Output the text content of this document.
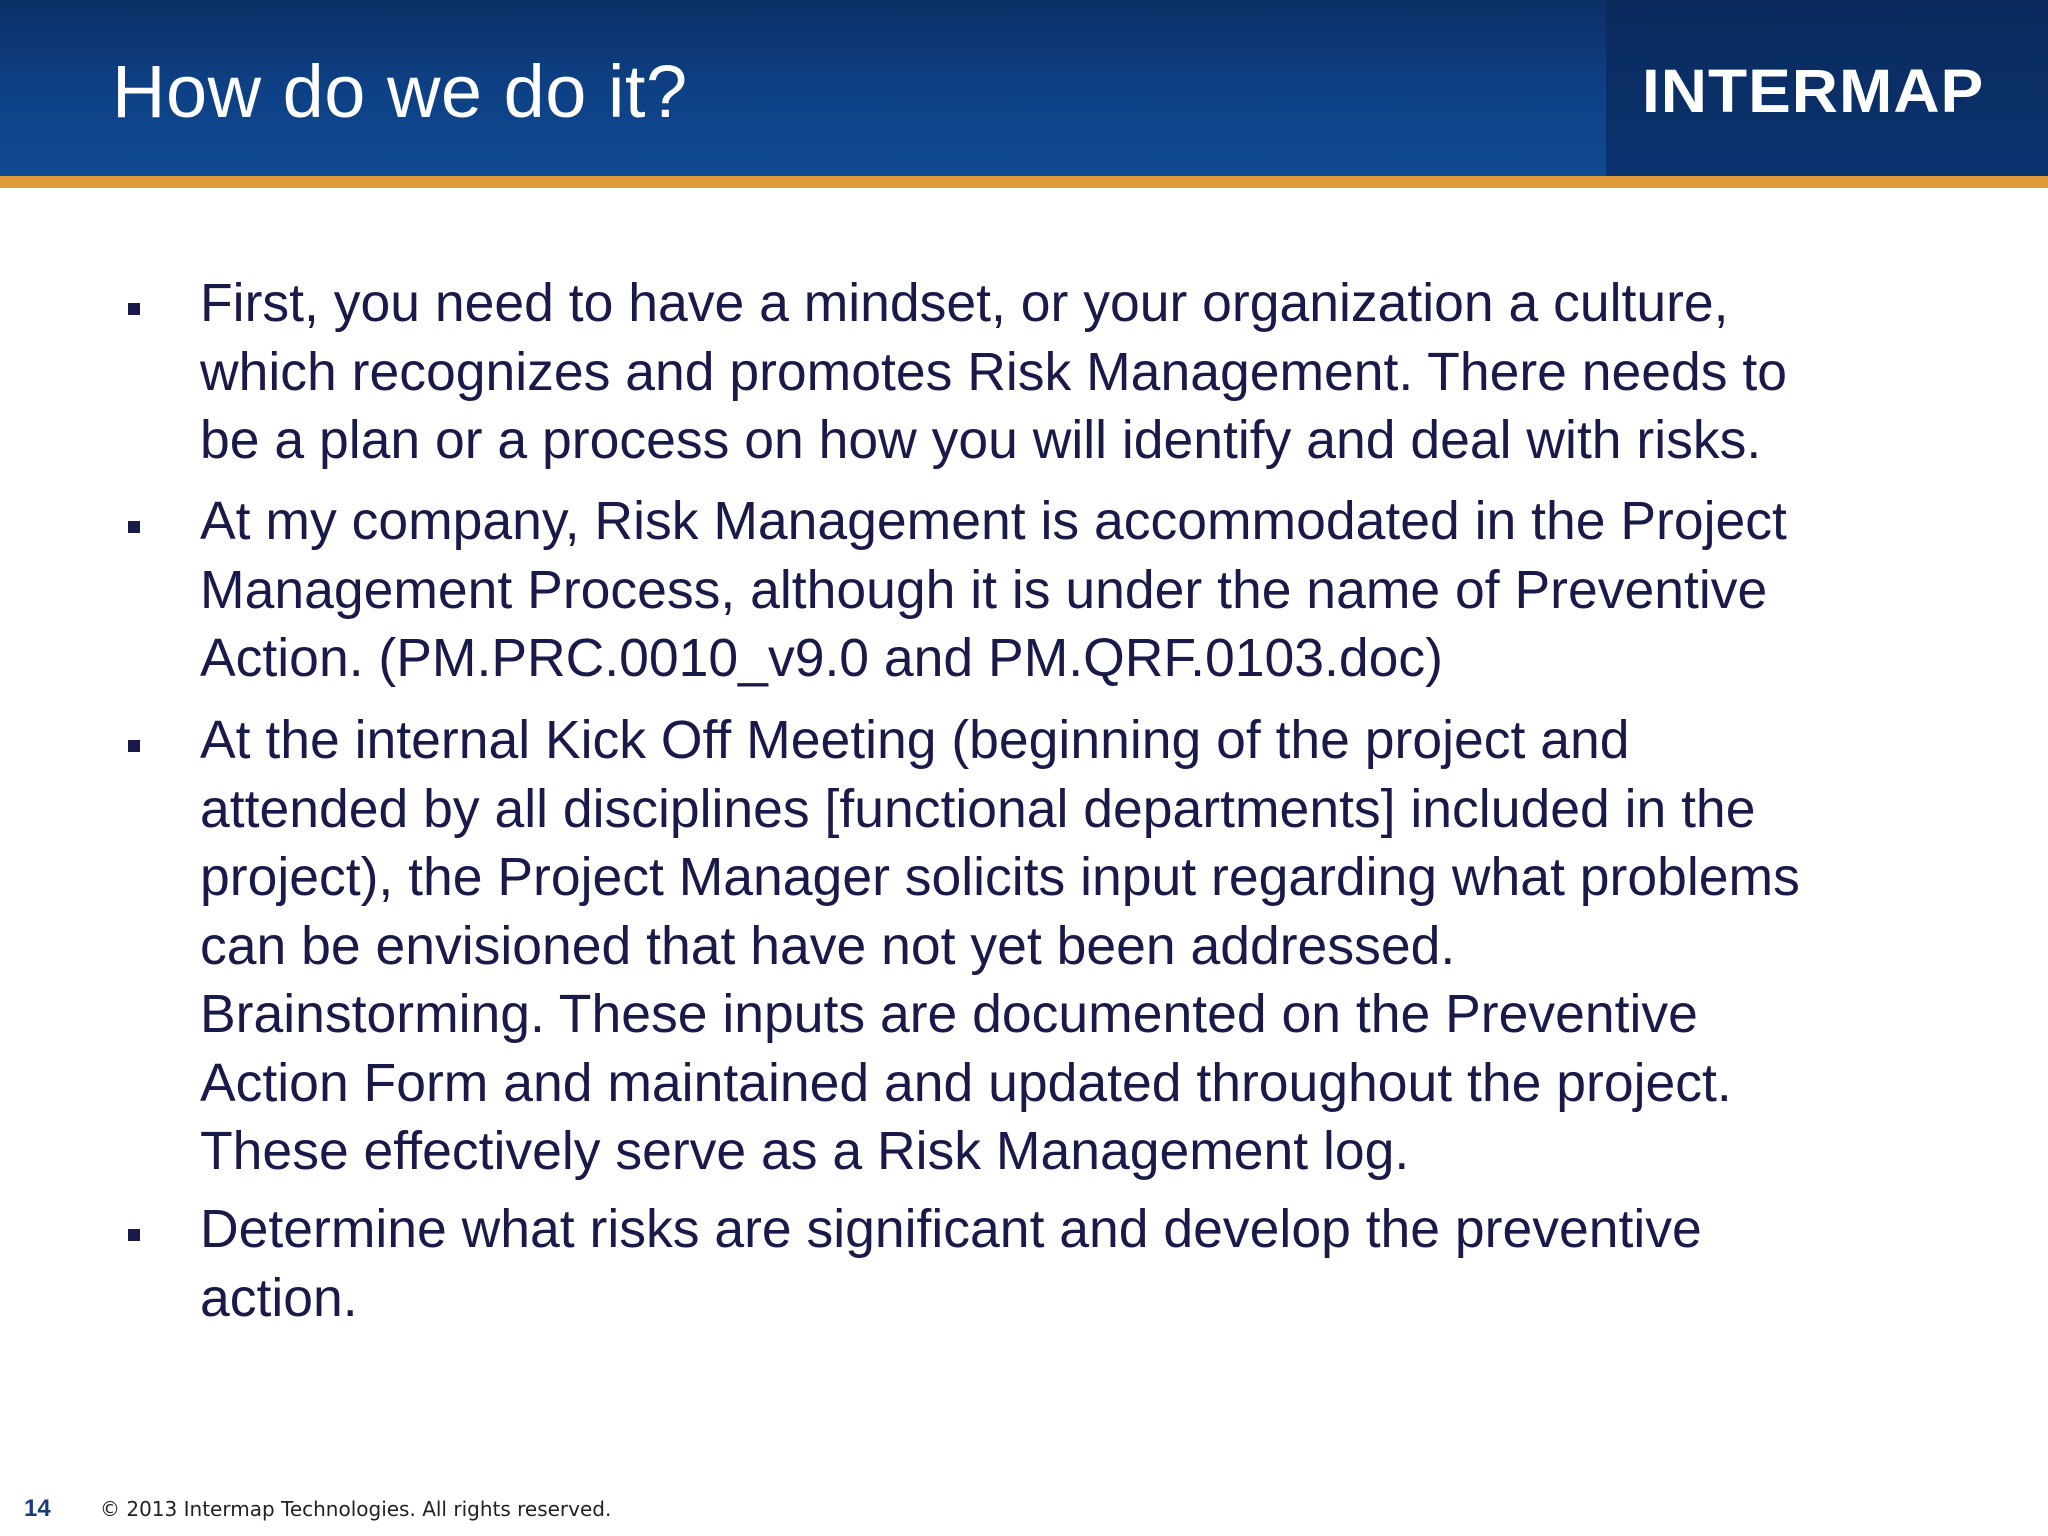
How do we do it?	INTERMAP

First, you need to have a mindset, or your organization a culture,
which recognizes and promotes Risk Management. There needs to
be a plan or a process on how you will identify and deal with risks.

At my company, Risk Management is accommodated in the Project
Management Process, although it is under the name of Preventive
Action. (PM.PRC.0010_v9.0 and PM.QRF.0103.doc)

At the internal Kick Off Meeting (beginning of the project and
attended by all disciplines [functional departments] included in the
project), the Project Manager solicits input regarding what problems
can be envisioned that have not yet been addressed.
Brainstorming. These inputs are documented on the Preventive
Action Form and maintained and updated throughout the project.
These effectively serve as a Risk Management log.

Determine what risks are significant and develop the preventive
action.

14 © 2013 Intermap Technologies. All rights reserved.
